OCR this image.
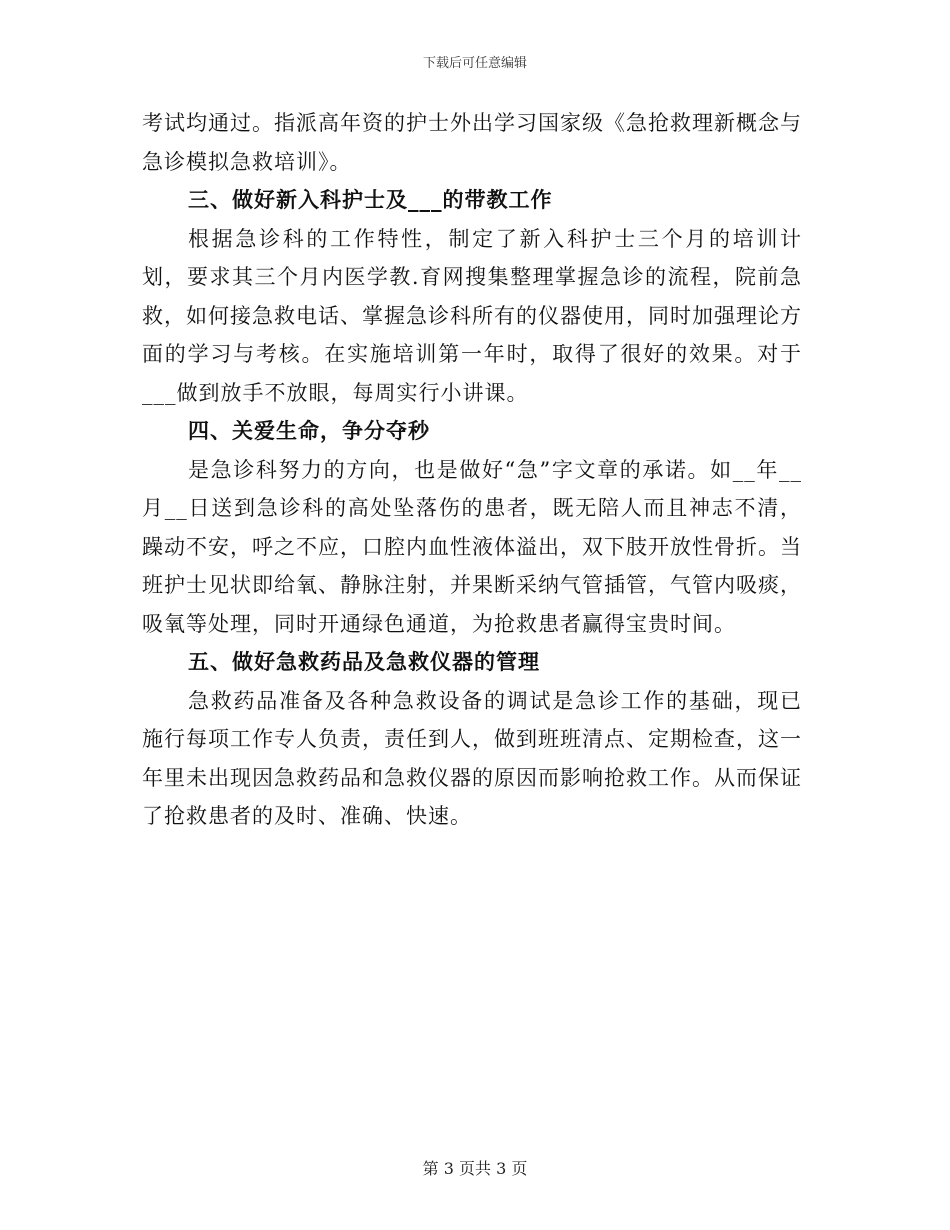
下载后可任意编辑

考试均通过。指派高年资的护士外出学习国家级《急抢救理新概念与急诊模拟急救培训》。

三、做好新入科护士及___的带教工作

根据急诊科的工作特性，制定了新入科护士三个月的培训计划，要求其三个月内医学教.育网搜集整理掌握急诊的流程，院前急救，如何接急救电话、掌握急诊科所有的仪器使用，同时加强理论方面的学习与考核。在实施培训第一年时，取得了很好的效果。对于___做到放手不放眼，每周实行小讲课。

四、关爱生命，争分夺秒

是急诊科努力的方向，也是做好“急”字文章的承诺。如__年__月__日送到急诊科的高处坠落伤的患者，既无陪人而且神志不清，躁动不安，呼之不应，口腔内血性液体溢出，双下肢开放性骨折。当班护士见状即给氧、静脉注射，并果断采纳气管插管，气管内吸痰，吸氧等处理，同时开通绿色通道，为抢救患者赢得宝贵时间。

五、做好急救药品及急救仪器的管理

急救药品准备及各种急救设备的调试是急诊工作的基础，现已施行每项工作专人负责，责任到人，做到班班清点、定期检查，这一年里未出现因急救药品和急救仪器的原因而影响抢救工作。从而保证了抢救患者的及时、准确、快速。

第 3 页共 3 页
